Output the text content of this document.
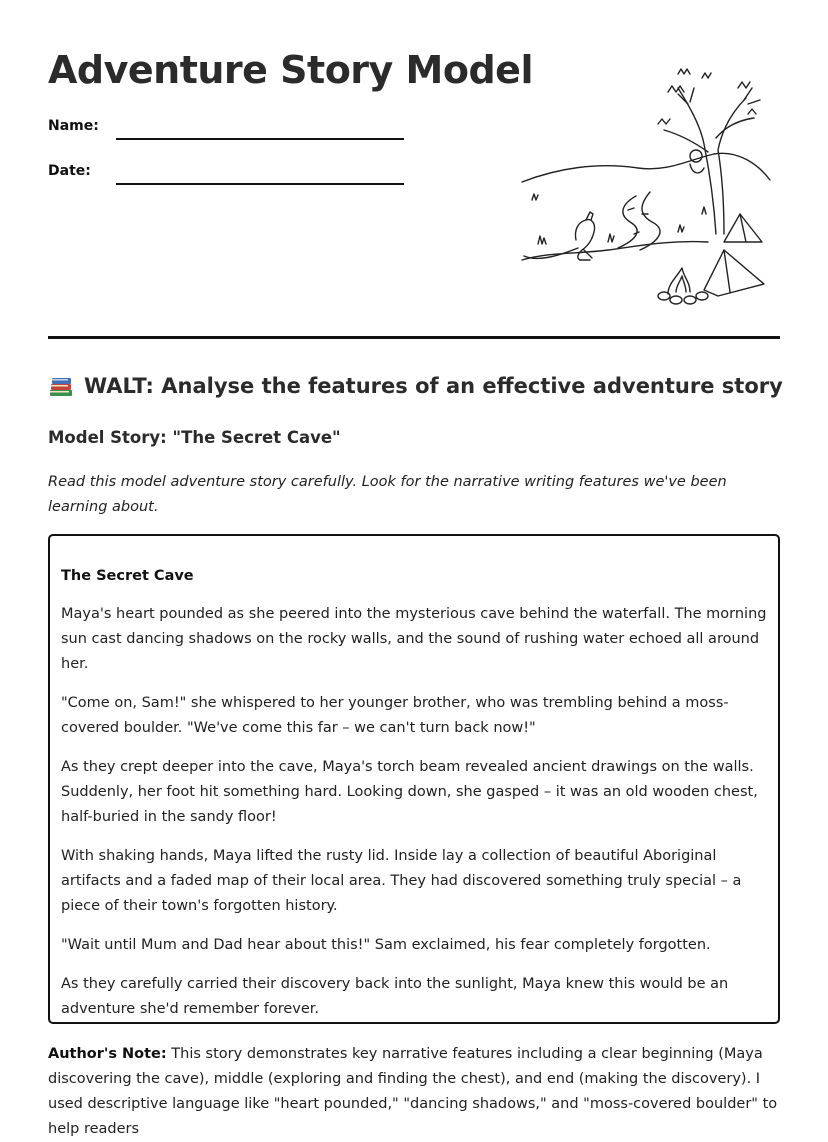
Adventure Story Model
Name:
Date:
WALT: Analyse the features of an effective adventure story
Model Story: "The Secret Cave"

Read this model adventure story carefully. Look for the narrative writing features we've been learning about.

The Secret Cave

Maya's heart pounded as she peered into the mysterious cave behind the waterfall. The morning sun cast dancing shadows on the rocky walls, and the sound of rushing water echoed all around her.

"Come on, Sam!" she whispered to her younger brother, who was trembling behind a moss-covered boulder. "We've come this far – we can't turn back now!"

As they crept deeper into the cave, Maya's torch beam revealed ancient drawings on the walls. Suddenly, her foot hit something hard. Looking down, she gasped – it was an old wooden chest, half-buried in the sandy floor!

With shaking hands, Maya lifted the rusty lid. Inside lay a collection of beautiful Aboriginal artifacts and a faded map of their local area. They had discovered something truly special – a piece of their town's forgotten history.

"Wait until Mum and Dad hear about this!" Sam exclaimed, his fear completely forgotten.

As they carefully carried their discovery back into the sunlight, Maya knew this would be an adventure she'd remember forever.

Author's Note: This story demonstrates key narrative features including a clear beginning (Maya discovering the cave), middle (exploring and finding the chest), and end (making the discovery). I used descriptive language like "heart pounded," "dancing shadows," and "moss-covered boulder" to help readers
